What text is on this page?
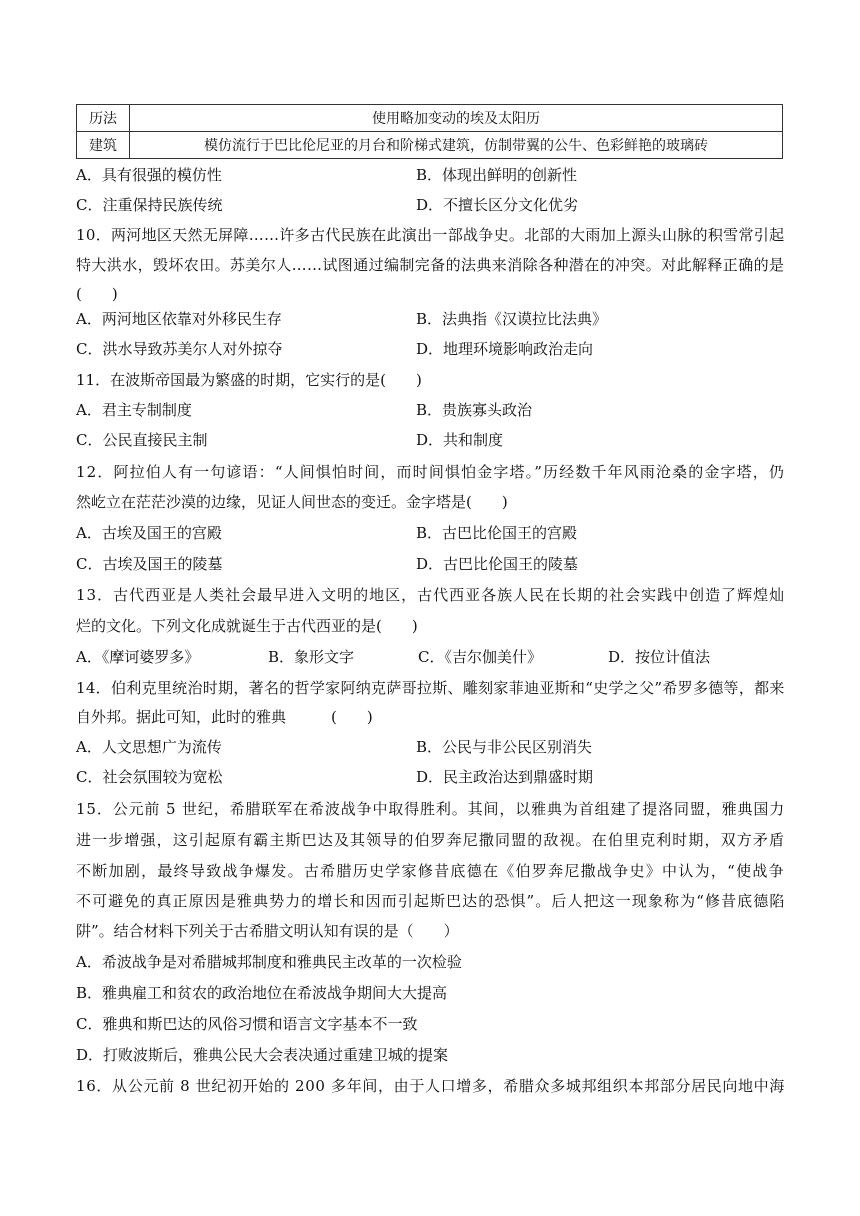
历法	使用略加变动的埃及太阳历
建筑	模仿流行于巴比伦尼亚的月台和阶梯式建筑，仿制带翼的公牛、色彩鲜艳的玻璃砖
A．具有很强的模仿性	B．体现出鲜明的创新性
C．注重保持民族传统	D．不擅长区分文化优劣
10．两河地区天然无屏障……许多古代民族在此演出一部战争史。北部的大雨加上源头山脉的积雪常引起
特大洪水，毁坏农田。苏美尔人……试图通过编制完备的法典来消除各种潜在的冲突。对此解释正确的是
(　　)
A．两河地区依靠对外移民生存	B．法典指《汉谟拉比法典》
C．洪水导致苏美尔人对外掠夺	D．地理环境影响政治走向
11．在波斯帝国最为繁盛的时期，它实行的是(　　)
A．君主专制制度	B．贵族寡头政治
C．公民直接民主制	D．共和制度
12．阿拉伯人有一句谚语：“人间惧怕时间，而时间惧怕金字塔。”历经数千年风雨沧桑的金字塔，仍
然屹立在茫茫沙漠的边缘，见证人间世态的变迁。金字塔是(　　)
A．古埃及国王的宫殿	B．古巴比伦国王的宫殿
C．古埃及国王的陵墓	D．古巴比伦国王的陵墓
13．古代西亚是人类社会最早进入文明的地区，古代西亚各族人民在长期的社会实践中创造了辉煌灿
烂的文化。下列文化成就诞生于古代西亚的是(　　)
A．《摩诃婆罗多》	B．象形文字	C．《吉尔伽美什》	D．按位计值法
14．伯利克里统治时期，著名的哲学家阿纳克萨哥拉斯、雕刻家菲迪亚斯和“史学之父”希罗多德等，都来
自外邦。据此可知，此时的雅典　　　(　　)
A．人文思想广为流传	B．公民与非公民区别消失
C．社会氛围较为宽松	D．民主政治达到鼎盛时期
15．公元前 5 世纪，希腊联军在希波战争中取得胜利。其间，以雅典为首组建了提洛同盟，雅典国力
进一步增强，这引起原有霸主斯巴达及其领导的伯罗奔尼撒同盟的敌视。在伯里克利时期，双方矛盾
不断加剧，最终导致战争爆发。古希腊历史学家修昔底德在《伯罗奔尼撒战争史》中认为，“使战争
不可避免的真正原因是雅典势力的增长和因而引起斯巴达的恐惧”。后人把这一现象称为“修昔底德陷
阱”。结合材料下列关于古希腊文明认知有误的是（　　）
A．希波战争是对希腊城邦制度和雅典民主改革的一次检验
B．雅典雇工和贫农的政治地位在希波战争期间大大提高
C．雅典和斯巴达的风俗习惯和语言文字基本不一致
D．打败波斯后，雅典公民大会表决通过重建卫城的提案
16．从公元前 8 世纪初开始的 200 多年间，由于人口增多，希腊众多城邦组织本邦部分居民向地中海
